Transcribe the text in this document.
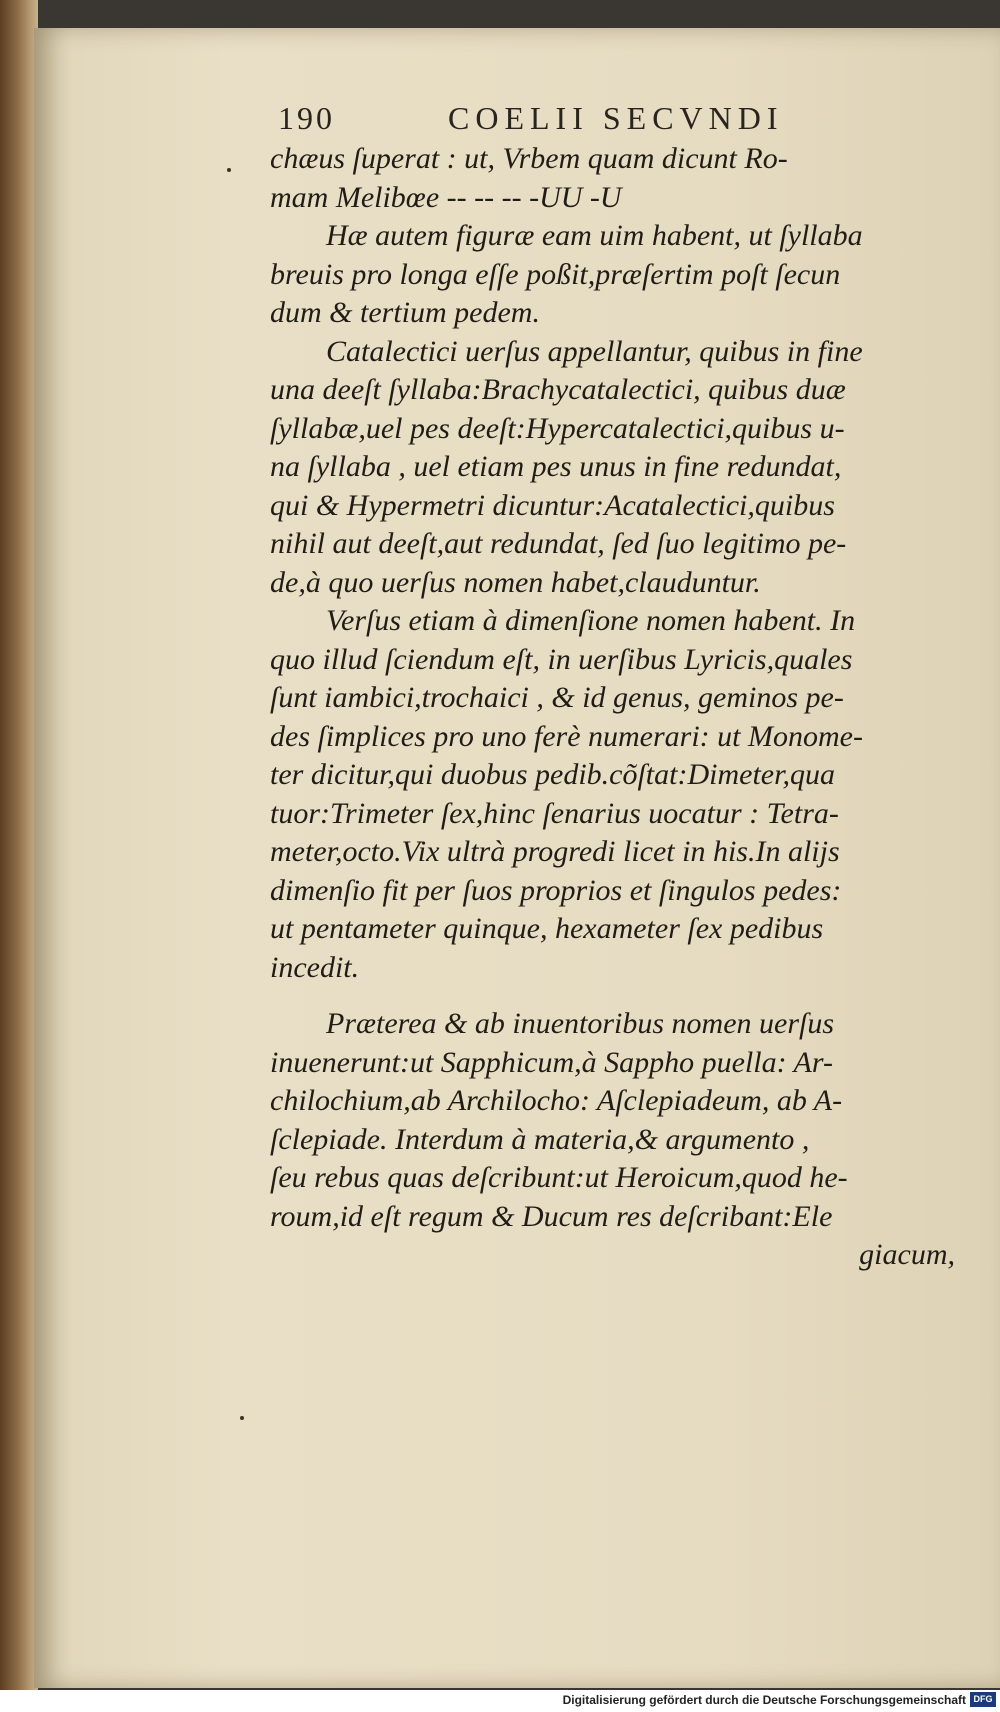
190	COELII SECVNDI
chæus ſuperat : ut, Vrbem quam dicunt Ro-
mam Melibœe -- -- -- -UU -U
Hæ autem figuræ eam uim habent, ut ſyllaba
breuis pro longa eſſe poßit,præſertim poſt ſecun
dum & tertium pedem.
Catalectici uerſus appellantur, quibus in fine
una deeſt ſyllaba:Brachycatalectici, quibus duæ
ſyllabæ,uel pes deeſt:Hypercatalectici,quibus u-
na ſyllaba , uel etiam pes unus in fine redundat,
qui & Hypermetri dicuntur:Acatalectici,quibus
nihil aut deeſt,aut redundat, ſed ſuo legitimo pe-
de,à quo uerſus nomen habet,clauduntur.
Verſus etiam à dimenſione nomen habent. In
quo illud ſciendum eſt, in uerſibus Lyricis,quales
ſunt iambici,trochaici , & id genus, geminos pe-
des ſimplices pro uno ferè numerari: ut Monome-
ter dicitur,qui duobus pedib.cõſtat:Dimeter,qua
tuor:Trimeter ſex,hinc ſenarius uocatur : Tetra-
meter,octo.Vix ultrà progredi licet in his.In alijs
dimenſio fit per ſuos proprios et ſingulos pedes:
ut pentameter quinque, hexameter ſex pedibus
incedit.
Præterea & ab inuentoribus nomen uerſus
inuenerunt:ut Sapphicum,à Sappho puella: Ar-
chilochium,ab Archilocho: Aſclepiadeum, ab A-
ſclepiade. Interdum à materia,& argumento ,
ſeu rebus quas deſcribunt:ut Heroicum,quod he-
roum,id eſt regum & Ducum res deſcribant:Ele
giacum,
Digitalisierung gefördert durch die Deutsche Forschungsgemeinschaft DFG
